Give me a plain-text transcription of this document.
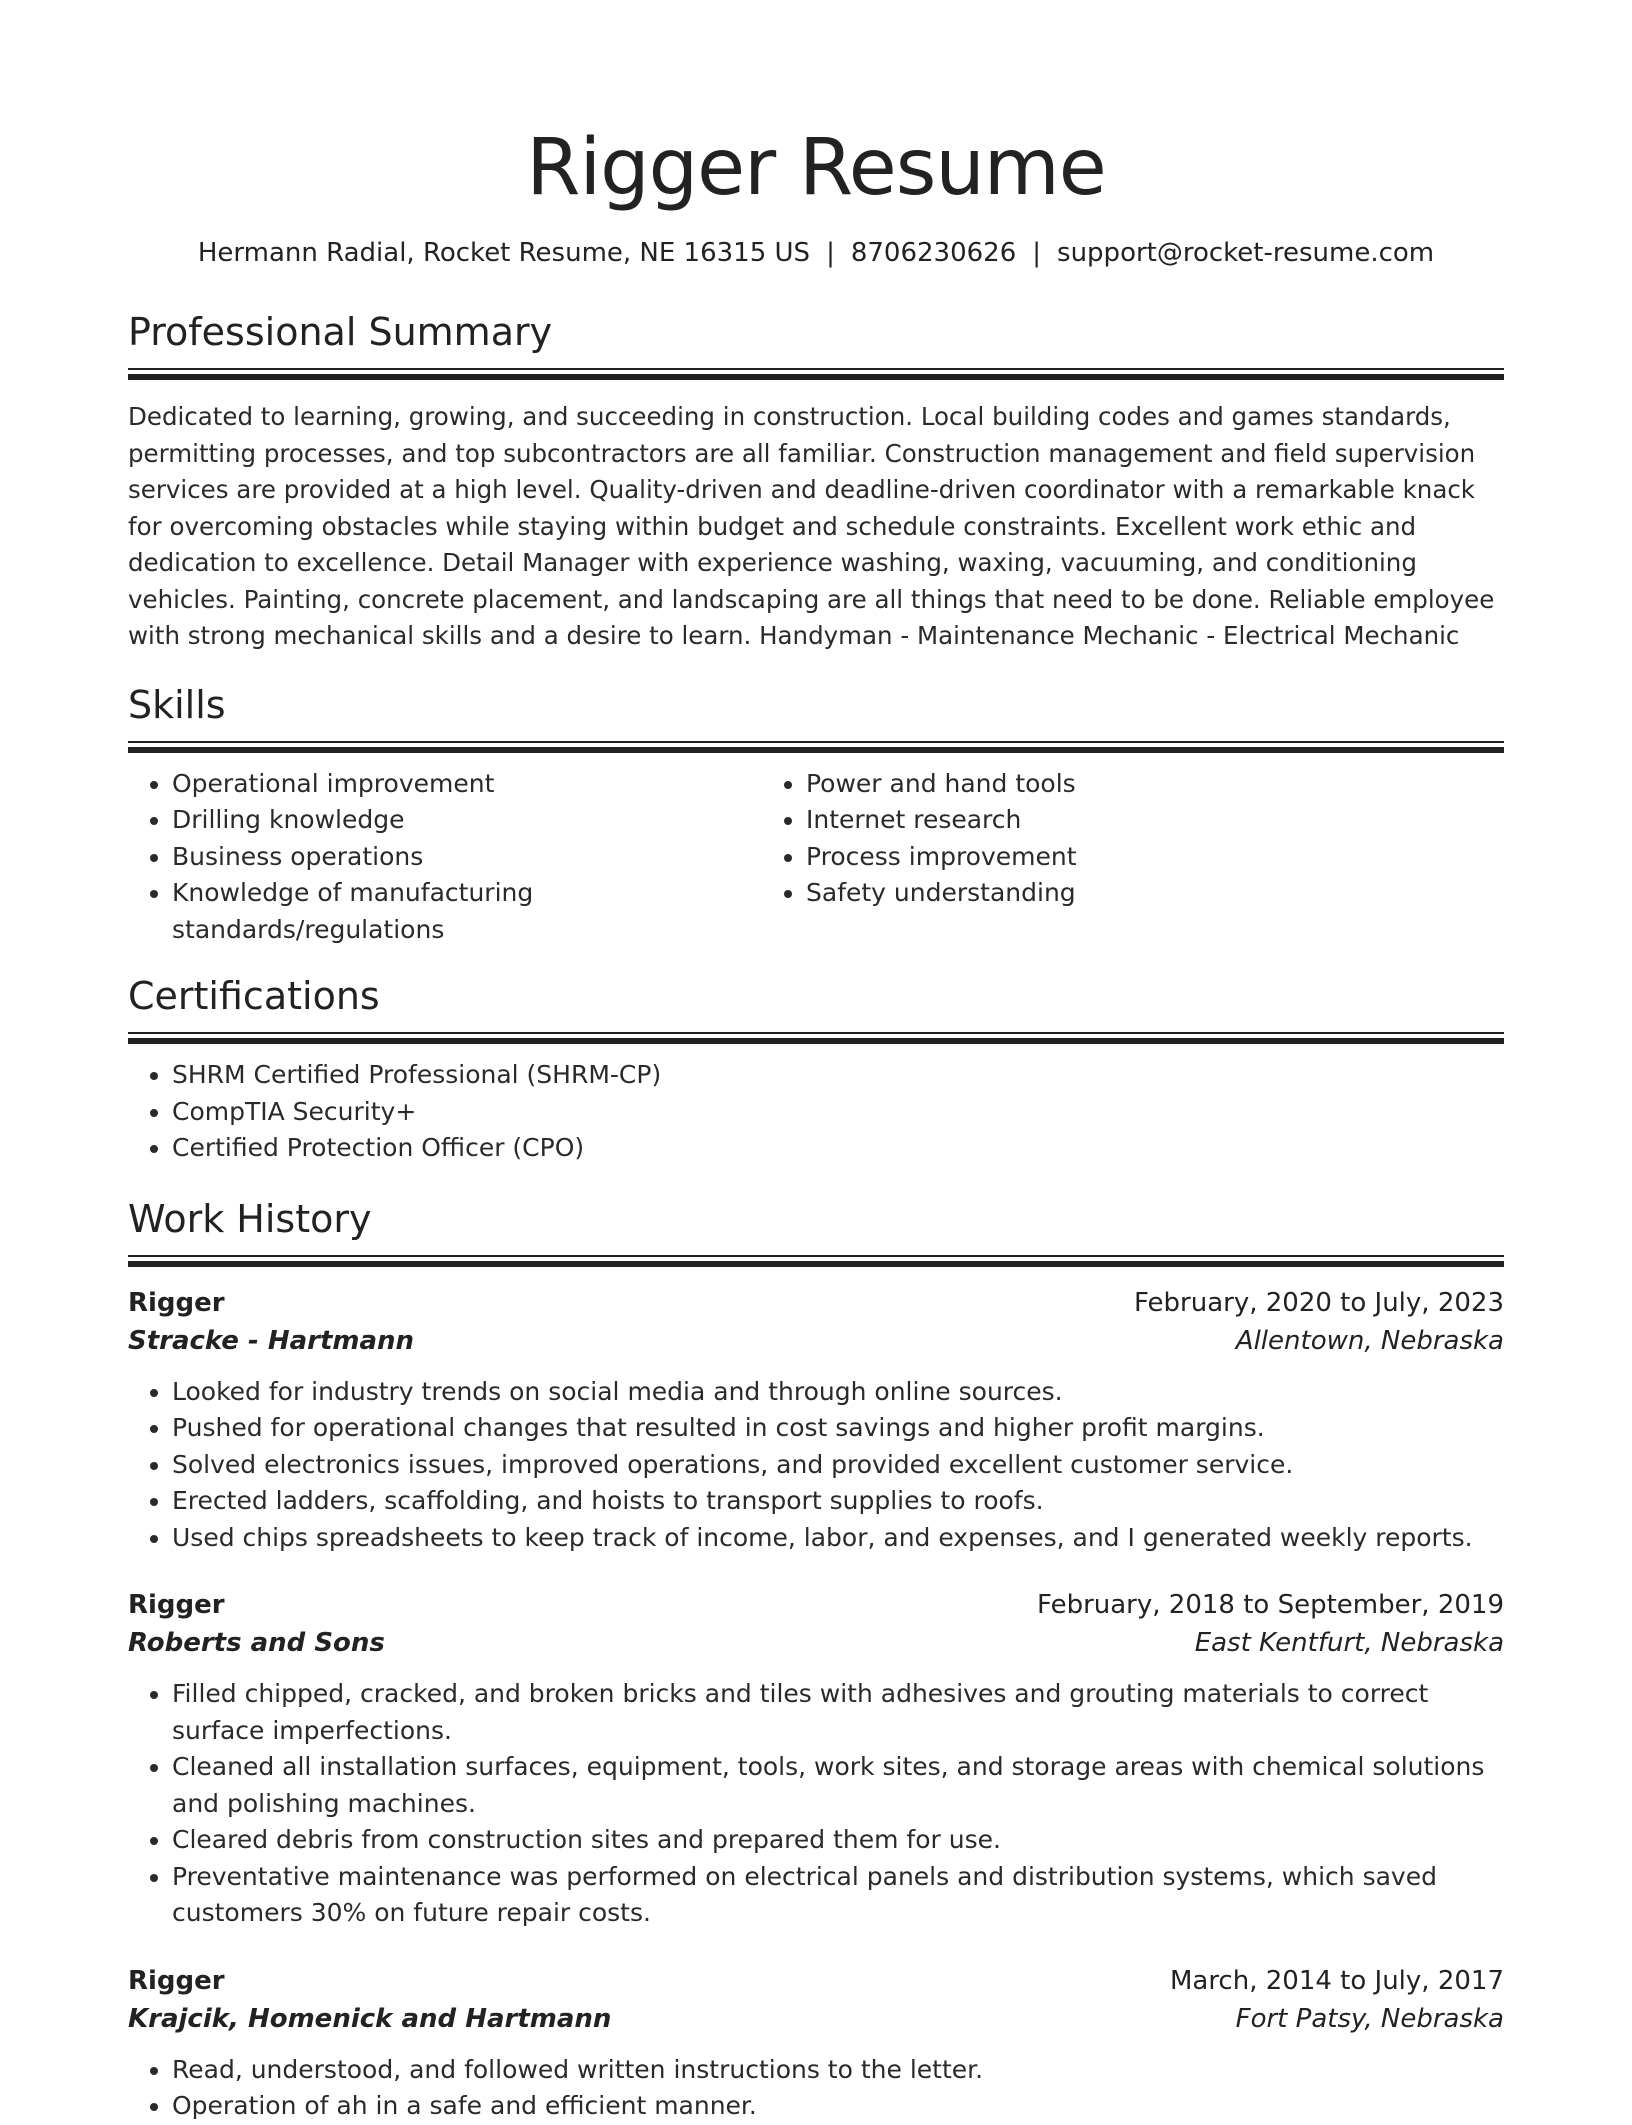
Rigger Resume
Hermann Radial, Rocket Resume, NE 16315 US | 8706230626 | support@rocket-resume.com
Professional Summary

Dedicated to learning, growing, and succeeding in construction. Local building codes and games standards, permitting processes, and top subcontractors are all familiar. Construction management and field supervision services are provided at a high level. Quality-driven and deadline-driven coordinator with a remarkable knack for overcoming obstacles while staying within budget and schedule constraints. Excellent work ethic and dedication to excellence. Detail Manager with experience washing, waxing, vacuuming, and conditioning vehicles. Painting, concrete placement, and landscaping are all things that need to be done. Reliable employee with strong mechanical skills and a desire to learn. Handyman - Maintenance Mechanic - Electrical Mechanic

Skills
• Operational improvement
• Drilling knowledge
• Business operations
• Knowledge of manufacturing standards/regulations
• Power and hand tools
• Internet research
• Process improvement
• Safety understanding
Certifications
• SHRM Certified Professional (SHRM-CP)
• CompTIA Security+
• Certified Protection Officer (CPO)
Work History
Rigger	February, 2020 to July, 2023
Stracke - Hartmann	Allentown, Nebraska
• Looked for industry trends on social media and through online sources.
• Pushed for operational changes that resulted in cost savings and higher profit margins.
• Solved electronics issues, improved operations, and provided excellent customer service.
• Erected ladders, scaffolding, and hoists to transport supplies to roofs.
• Used chips spreadsheets to keep track of income, labor, and expenses, and I generated weekly reports.
Rigger	February, 2018 to September, 2019
Roberts and Sons	East Kentfurt, Nebraska
• Filled chipped, cracked, and broken bricks and tiles with adhesives and grouting materials to correct surface imperfections.
• Cleaned all installation surfaces, equipment, tools, work sites, and storage areas with chemical solutions and polishing machines.
• Cleared debris from construction sites and prepared them for use.
• Preventative maintenance was performed on electrical panels and distribution systems, which saved customers 30% on future repair costs.
Rigger	March, 2014 to July, 2017
Krajcik, Homenick and Hartmann	Fort Patsy, Nebraska
• Read, understood, and followed written instructions to the letter.
• Operation of ah in a safe and efficient manner.
